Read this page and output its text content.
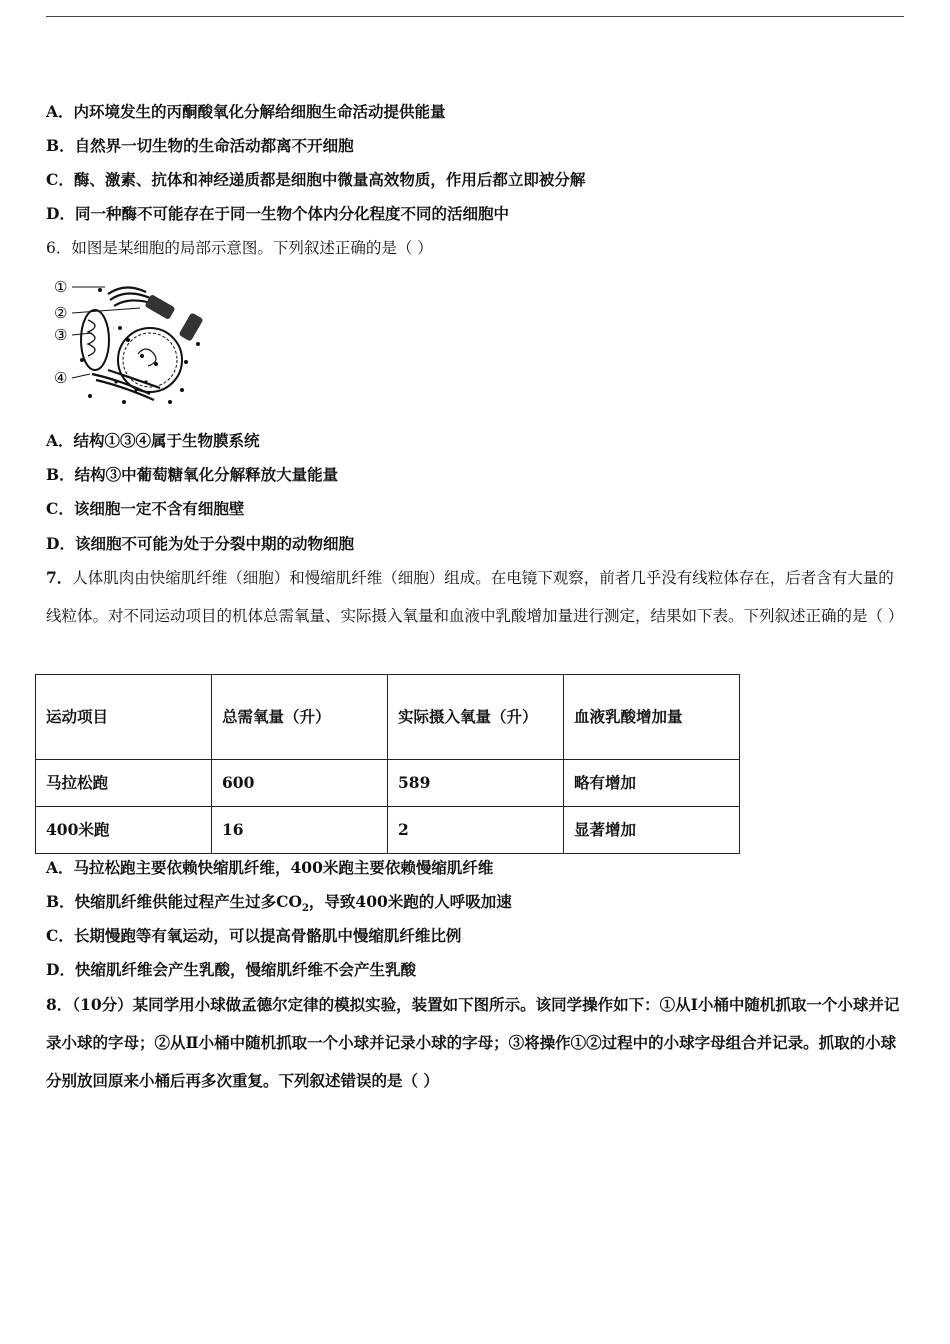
A．内环境发生的丙酮酸氧化分解给细胞生命活动提供能量
B．自然界一切生物的生命活动都离不开细胞
C．酶、激素、抗体和神经递质都是细胞中微量高效物质，作用后都立即被分解
D．同一种酶不可能存在于同一生物个体内分化程度不同的活细胞中
6．如图是某细胞的局部示意图。下列叙述正确的是（ ）
①
②
③
④
A．结构①③④属于生物膜系统
B．结构③中葡萄糖氧化分解释放大量能量
C．该细胞一定不含有细胞壁
D．该细胞不可能为处于分裂中期的动物细胞
7．人体肌肉由快缩肌纤维（细胞）和慢缩肌纤维（细胞）组成。在电镜下观察，前者几乎没有线粒体存在，后者含有大量的线粒体。对不同运动项目的机体总需氧量、实际摄入氧量和血液中乳酸增加量进行测定，结果如下表。下列叙述正确的是（ ）
运动项目	总需氧量（升）	实际摄入氧量（升）	血液乳酸增加量
马拉松跑	600	589	略有增加
400米跑	16	2	显著增加
A．马拉松跑主要依赖快缩肌纤维，400米跑主要依赖慢缩肌纤维
B．快缩肌纤维供能过程产生过多$CO_2$，导致400米跑的人呼吸加速
C．长期慢跑等有氧运动，可以提高骨骼肌中慢缩肌纤维比例
D．快缩肌纤维会产生乳酸，慢缩肌纤维不会产生乳酸
8．（10分）某同学用小球做孟德尔定律的模拟实验，装置如下图所示。该同学操作如下：①从Ⅰ小桶中随机抓取一个小球并记录小球的字母；②从Ⅱ小桶中随机抓取一个小球并记录小球的字母；③将操作①②过程中的小球字母组合并记录。抓取的小球分别放回原来小桶后再多次重复。下列叙述错误的是（ ）
